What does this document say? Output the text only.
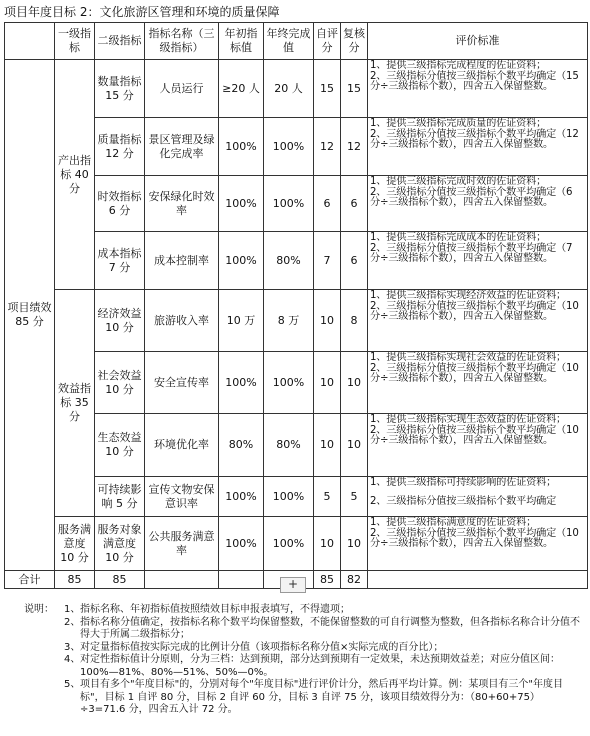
项目年度目标 2：文化旅游区管理和环境的质量保障
	一级指标	二级指标	指标名称（三级指标）	年初指标值	年终完成值	自评分	复核分	评价标准
项目绩效 85 分	产出指标 40 分	数量指标 15 分	人员运行	≥20 人	20 人	15	15	1、提供三级指标完成程度的佐证资料；
2、三级指标分值按三级指标个数平均确定（15 分÷三级指标个数），四舍五入保留整数。

		质量指标 12 分	景区管理及绿化完成率	100%	100%	12	12	1、提供三级指标完成质量的佐证资料；
2、三级指标分值按三级指标个数平均确定（12 分÷三级指标个数），四舍五入保留整数。

		时效指标 6 分	安保绿化时效率	100%	100%	6	6	1、提供三级指标完成时效的佐证资料；
2、三级指标分值按三级指标个数平均确定（6 分÷三级指标个数），四舍五入保留整数。

		成本指标 7 分	成本控制率	100%	80%	7	6	1、提供三级指标完成成本的佐证资料；
2、三级指标分值按三级指标个数平均确定（7 分÷三级指标个数），四舍五入保留整数。

	效益指标 35 分	经济效益 10 分	旅游收入率	10 万	8 万	10	8	1、提供三级指标实现经济效益的佐证资料；
2、三级指标分值按三级指标个数平均确定（10 分÷三级指标个数），四舍五入保留整数。

		社会效益 10 分	安全宣传率	100%	100%	10	10	1、提供三级指标实现社会效益的佐证资料；
2、三级指标分值按三级指标个数平均确定（10 分÷三级指标个数），四舍五入保留整数。

		生态效益 10 分	环境优化率	80%	80%	10	10	1、提供三级指标实现生态效益的佐证资料；
2、三级指标分值按三级指标个数平均确定（10 分÷三级指标个数），四舍五入保留整数。

		可持续影响 5 分	宣传文物安保意识率	100%	100%	5	5	1、提供三级指标可持续影响的佐证资料；
2、三级指标分值按三级指标个数平均确定

	服务满意度 10 分	服务对象满意度 10 分	公共服务满意率	100%	100%	10	10	1、提供三级指标满意度的佐证资料；
2、三级指标分值按三级指标个数平均确定（10 分÷三级指标个数），四舍五入保留整数。

合计	85	85				85	82	
+
说明：	1、 指标名称、年初指标值按照绩效目标申报表填写，不得遗项；
2、 指标名称分值确定，按指标名称个数平均保留整数，不能保留整数的可自行调整为整数，但各指标名称合计分值不得大于所属二级指标分；
3、 对定量指标值按实际完成的比例计分值（该项指标名称分值×实际完成的百分比）；
4、 对定性指标值计分原则，分为三档：达到预期，部分达到预期有一定效果，未达预期效益差；对应分值区间：100%—81%、80%—51%、50%—0%。
5、 项目有多个"年度目标"的，分别对每个"年度目标"进行评价计分，然后再平均计算。例：某项目有三个"年度目标"，目标 1 自评 80 分，目标 2 自评 60 分，目标 3 自评 75 分，该项目绩效得分为：（80+60+75）÷3=71.6 分，四舍五入计 72 分。
